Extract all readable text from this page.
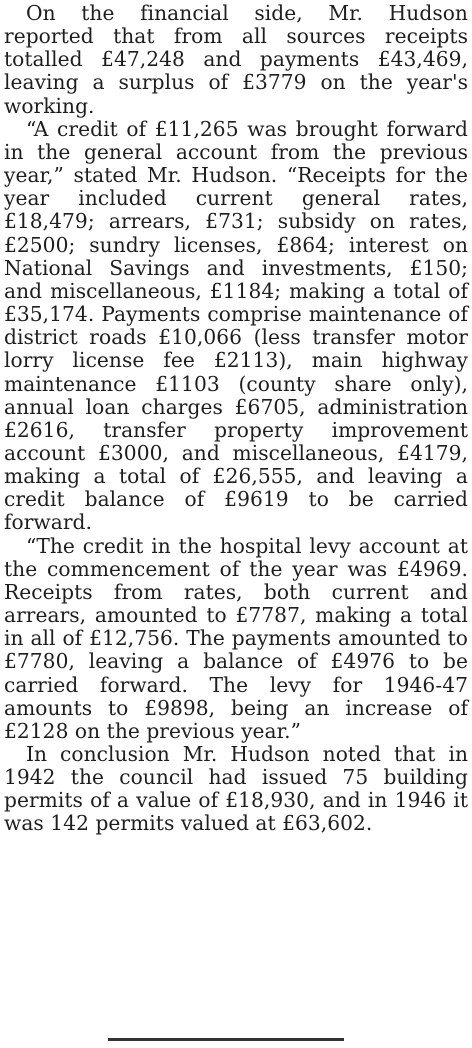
On the financial side, Mr. Hudson reported that from all sources receipts totalled £47,248 and payments £43,469, leaving a surplus of £3779 on the year's working.

“A credit of £11,265 was brought forward in the general account from the previous year,” stated Mr. Hudson. “Receipts for the year included current general rates, £18,479; arrears, £731; subsidy on rates, £2500; sundry licenses, £864; interest on National Savings and investments, £150; and miscellaneous, £1184; making a total of £35,174. Payments comprise maintenance of district roads £10,066 (less transfer motor lorry license fee £2113), main highway maintenance £1103 (county share only), annual loan charges £6705, administration £2616, transfer property improvement account £3000, and miscellaneous, £4179, making a total of £26,555, and leaving a credit balance of £9619 to be carried forward.

“The credit in the hospital levy account at the commencement of the year was £4969. Receipts from rates, both current and arrears, amounted to £7787, making a total in all of £12,756. The payments amounted to £7780, leaving a balance of £4976 to be carried forward. The levy for 1946-47 amounts to £9898, being an increase of £2128 on the previous year.”

In conclusion Mr. Hudson noted that in 1942 the council had issued 75 building permits of a value of £18,930, and in 1946 it was 142 permits valued at £63,602.
